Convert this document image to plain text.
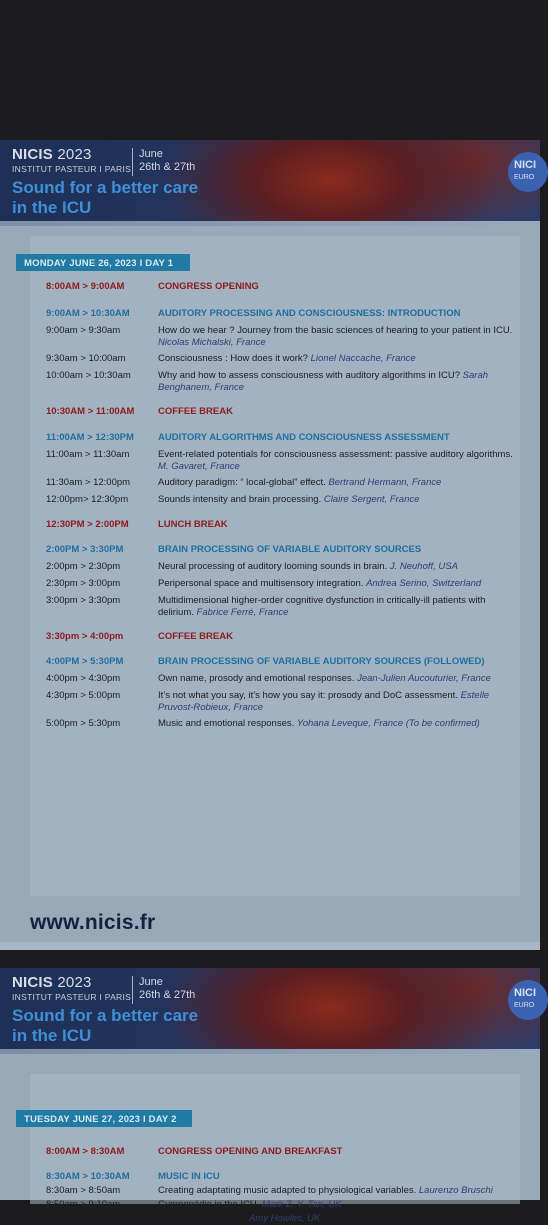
NICIS 2023
INSTITUT PASTEUR I PARIS
June
26th & 27th
Sound for a better care
in the ICU
NICI
EURO
MONDAY JUNE 26, 2023 I DAY 1
8:00AM > 9:00AM	CONGRESS OPENING
9:00AM > 10:30AM	AUDITORY PROCESSING AND CONSCIOUSNESS: INTRODUCTION
9:00am > 9:30am	How do we hear ? Journey from the basic sciences of hearing to your patient in ICU. Nicolas Michalski, France
9:30am > 10:00am	Consciousness : How does it work? Lionel Naccache, France
10:00am > 10:30am	Why and how to assess consciousness with auditory algorithms in ICU? Sarah Benghanem, France
10:30AM > 11:00AM	COFFEE BREAK
11:00AM > 12:30PM	AUDITORY ALGORITHMS AND CONSCIOUSNESS ASSESSMENT
11:00am > 11:30am	Event-related potentials for consciousness assessment: passive auditory algorithms. M. Gavaret, France
11:30am > 12:00pm	Auditory paradigm: “ local-global” effect. Bertrand Hermann, France
12:00pm> 12:30pm	Sounds intensity and brain processing. Claire Sergent, France
12:30PM > 2:00PM	LUNCH BREAK
2:00PM > 3:30PM	BRAIN PROCESSING OF VARIABLE AUDITORY SOURCES
2:00pm > 2:30pm	Neural processing of auditory looming sounds in brain. J. Neuhoff, USA
2:30pm > 3:00pm	Peripersonal space and multisensory integration. Andrea Serino, Switzerland
3:00pm > 3:30pm	Multidimensional higher-order cognitive dysfunction in critically-ill patients with delirium. Fabrice Ferré, France
3:30pm > 4:00pm	COFFEE BREAK
4:00PM > 5:30PM	BRAIN PROCESSING OF VARIABLE AUDITORY SOURCES (FOLLOWED)
4:00pm > 4:30pm	Own name, prosody and emotional responses. Jean-Julien Aucouturier, France
4:30pm > 5:00pm	It’s not what you say, it’s how you say it: prosody and DoC assessment. Estelle Pruvost-Robieux, France
5:00pm > 5:30pm	Music and emotional responses. Yohana Leveque, France (To be confirmed)
www.nicis.fr
NICIS 2023
INSTITUT PASTEUR I PARIS
June
26th & 27th
Sound for a better care
in the ICU
NICI
EURO
TUESDAY JUNE 27, 2023 I DAY 2
8:00AM > 8:30AM	CONGRESS OPENING AND BREAKFAST
8:30AM > 10:30AM	MUSIC IN ICU
8:30am > 8:50am	Creating adaptating music adapted to physiological variables. Laurenzo Bruschi
8:50am > 9:10am	Gymnopédie in the ICU. Mark Z. Y. Tan, UK
9:10am > 9:30am	Title to be confirmed. Amy Howles, UK
